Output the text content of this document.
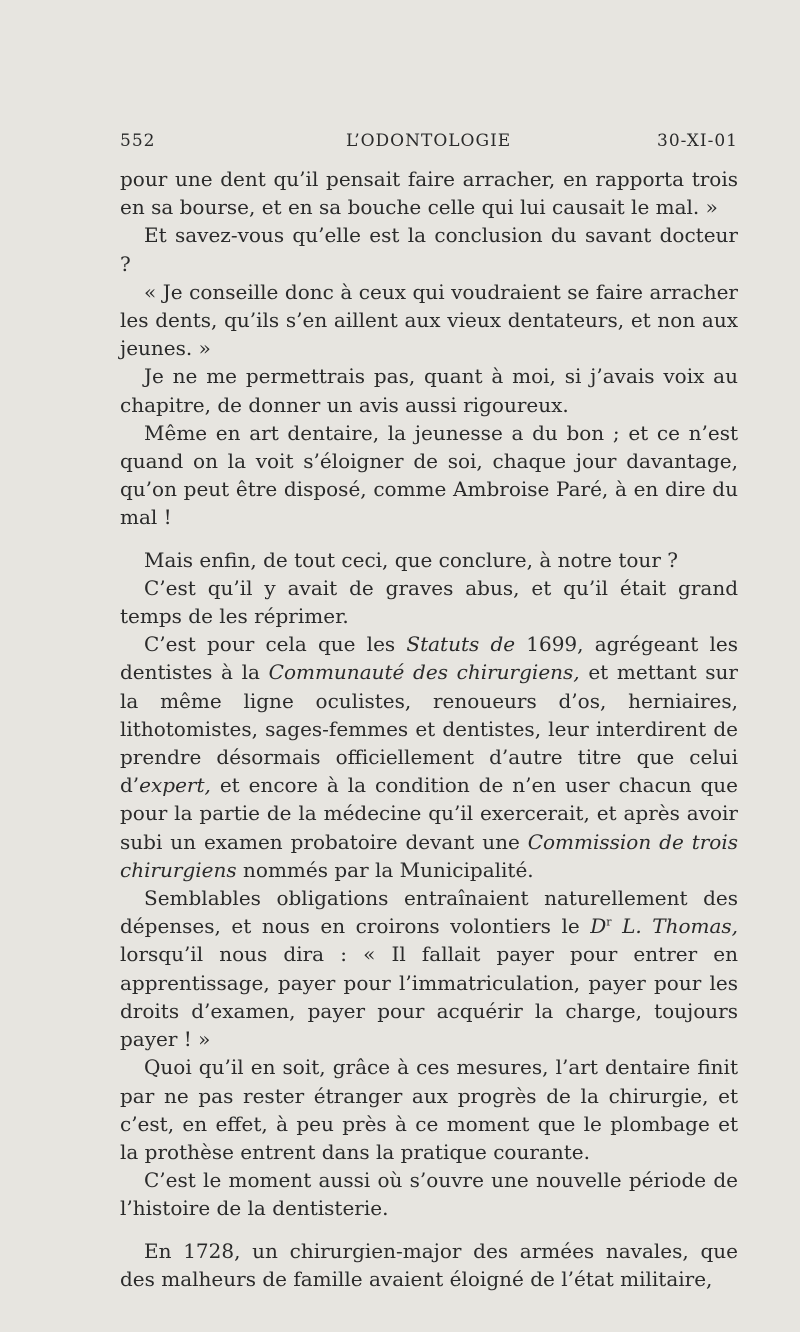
552	L’ODONTOLOGIE	30-XI-01

pour une dent qu’il pensait faire arracher, en rapporta trois en sa bourse, et en sa bouche celle qui lui causait le mal. »

Et savez-vous qu’elle est la conclusion du savant docteur ?

« Je conseille donc à ceux qui voudraient se faire arracher les dents, qu’ils s’en aillent aux vieux dentateurs, et non aux jeunes. »

Je ne me permettrais pas, quant à moi, si j’avais voix au chapitre, de donner un avis aussi rigoureux.

Même en art dentaire, la jeunesse a du bon ; et ce n’est quand on la voit s’éloigner de soi, chaque jour davantage, qu’on peut être disposé, comme Ambroise Paré, à en dire du mal !

Mais enfin, de tout ceci, que conclure, à notre tour ?

C’est qu’il y avait de graves abus, et qu’il était grand temps de les réprimer.

C’est pour cela que les Statuts de 1699, agrégeant les dentistes à la Communauté des chirurgiens, et mettant sur la même ligne oculistes, renoueurs d’os, herniaires, lithotomistes, sages-femmes et dentistes, leur interdirent de prendre désormais officiellement d’autre titre que celui d’expert, et encore à la condition de n’en user chacun que pour la partie de la médecine qu’il exercerait, et après avoir subi un examen probatoire devant une Commission de trois chirurgiens nommés par la Municipalité.

Semblables obligations entraînaient naturellement des dépenses, et nous en croirons volontiers le $D^r$ L. Thomas, lorsqu’il nous dira : « Il fallait payer pour entrer en apprentissage, payer pour l’immatriculation, payer pour les droits d’examen, payer pour acquérir la charge, toujours payer ! »

Quoi qu’il en soit, grâce à ces mesures, l’art dentaire finit par ne pas rester étranger aux progrès de la chirurgie, et c’est, en effet, à peu près à ce moment que le plombage et la prothèse entrent dans la pratique courante.

C’est le moment aussi où s’ouvre une nouvelle période de l’histoire de la dentisterie.

En 1728, un chirurgien-major des armées navales, que des malheurs de famille avaient éloigné de l’état militaire,
